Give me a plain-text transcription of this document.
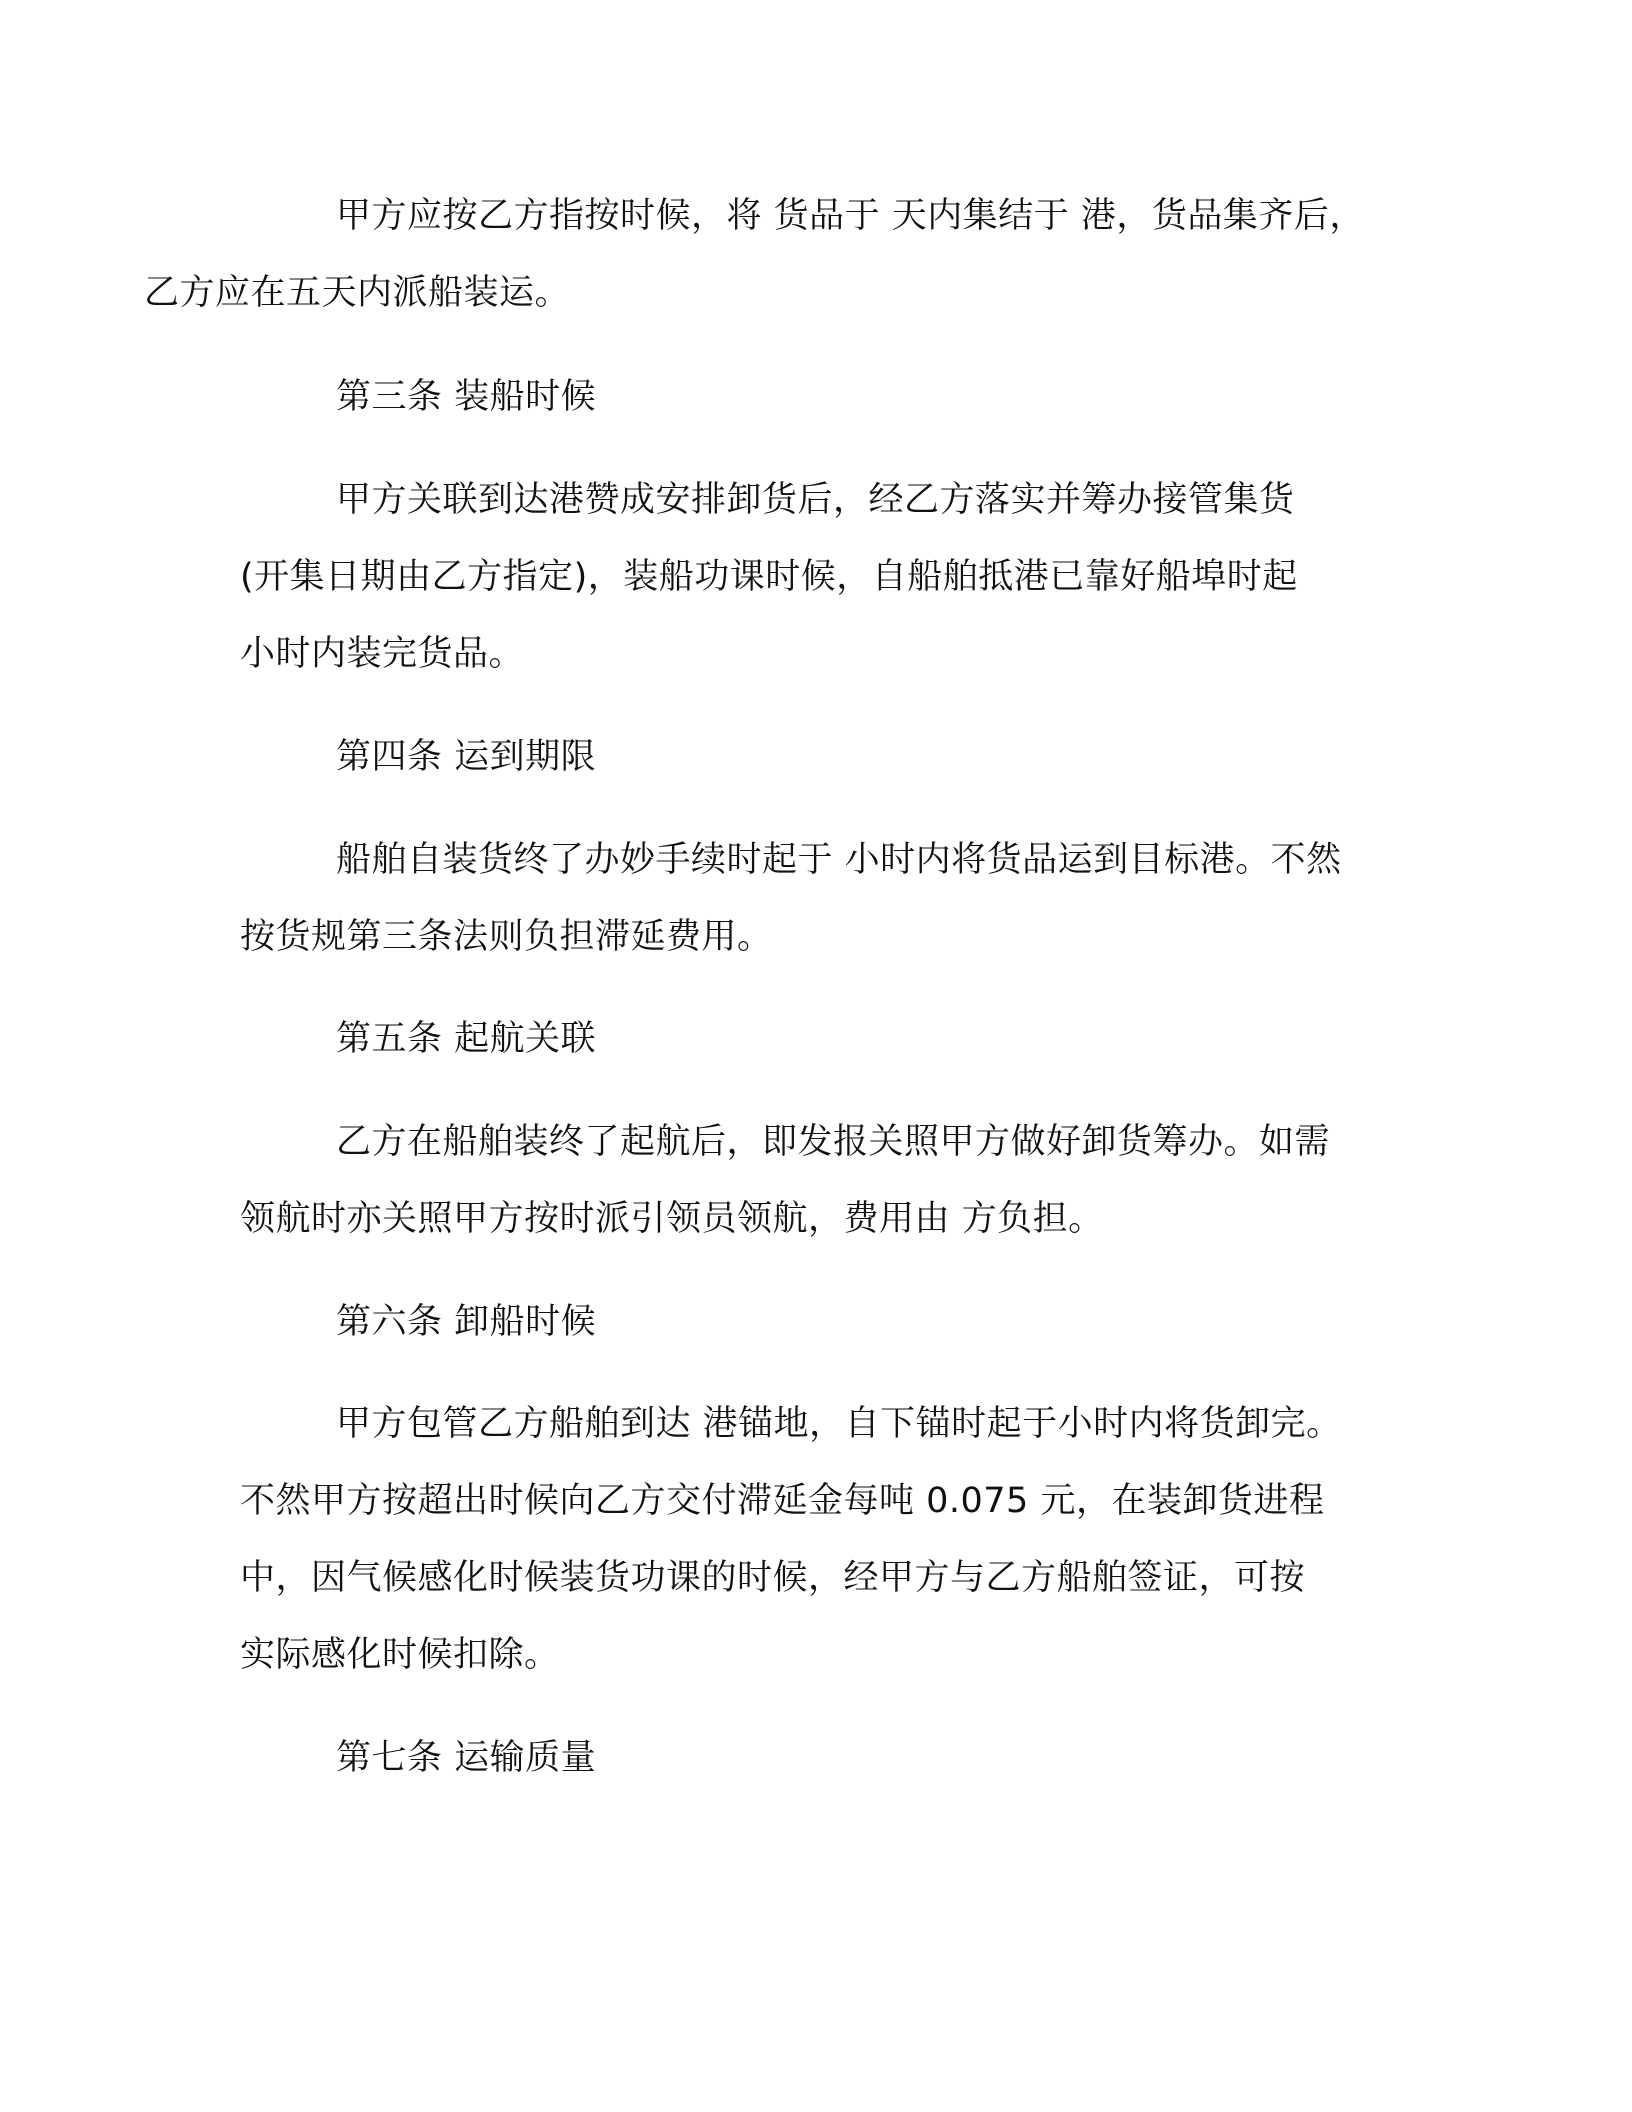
甲方应按乙方指按时候，将 货品于 天内集结于 港，货品集齐后，
乙方应在五天内派船装运。

第三条 装船时候

甲方关联到达港赞成安排卸货后，经乙方落实并筹办接管集货
(开集日期由乙方指定)，装船功课时候，自船舶抵港已靠好船埠时起
小时内装完货品。

第四条 运到期限

船舶自装货终了办妙手续时起于 小时内将货品运到目标港。不然
按货规第三条法则负担滞延费用。

第五条 起航关联

乙方在船舶装终了起航后，即发报关照甲方做好卸货筹办。如需
领航时亦关照甲方按时派引领员领航，费用由 方负担。

第六条 卸船时候

甲方包管乙方船舶到达 港锚地，自下锚时起于小时内将货卸完。
不然甲方按超出时候向乙方交付滞延金每吨 0.075 元，在装卸货进程
中，因气候感化时候装货功课的时候，经甲方与乙方船舶签证，可按
实际感化时候扣除。

第七条 运输质量
